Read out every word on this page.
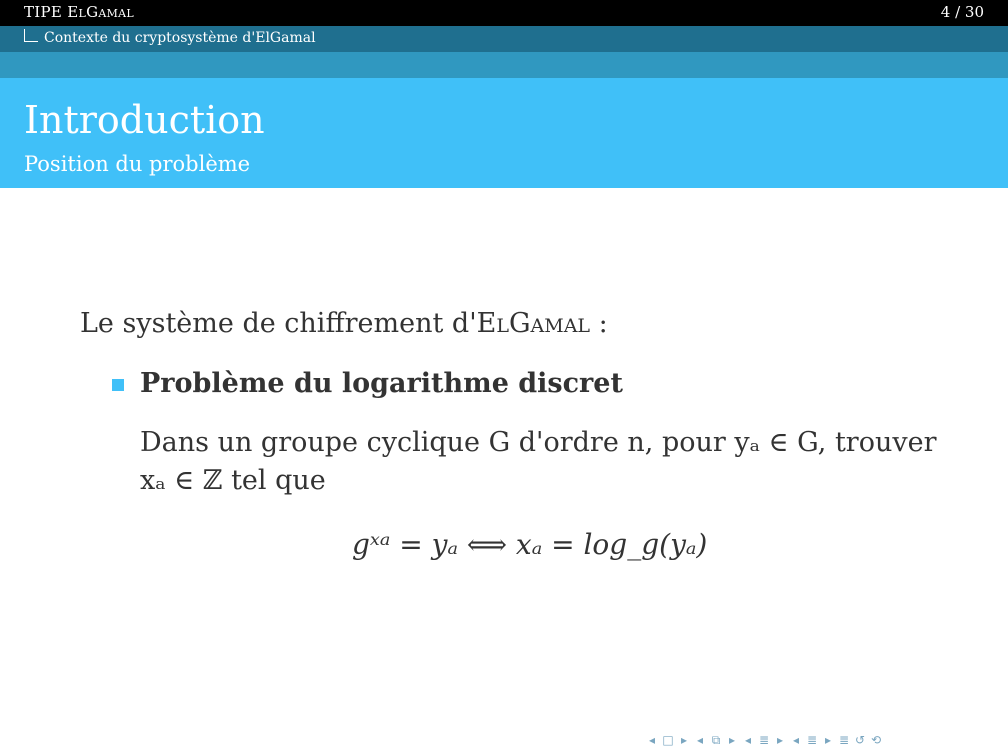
TIPE ElGamal	4 / 30
Contexte du cryptosystème d'ElGamal
Introduction
Position du problème
Le système de chiffrement d'ElGamal :
Problème du logarithme discret
Dans un groupe cyclique G d'ordre n, pour yₐ ∈ G, trouver xₐ ∈ ℤ tel que
gˣᵃ = yₐ ⟺ xₐ = log_g(yₐ)
◂ □ ▸ ◂ ⧉ ▸ ◂ ≣ ▸ ◂ ≣ ▸ ≣ ↺ ⟲
